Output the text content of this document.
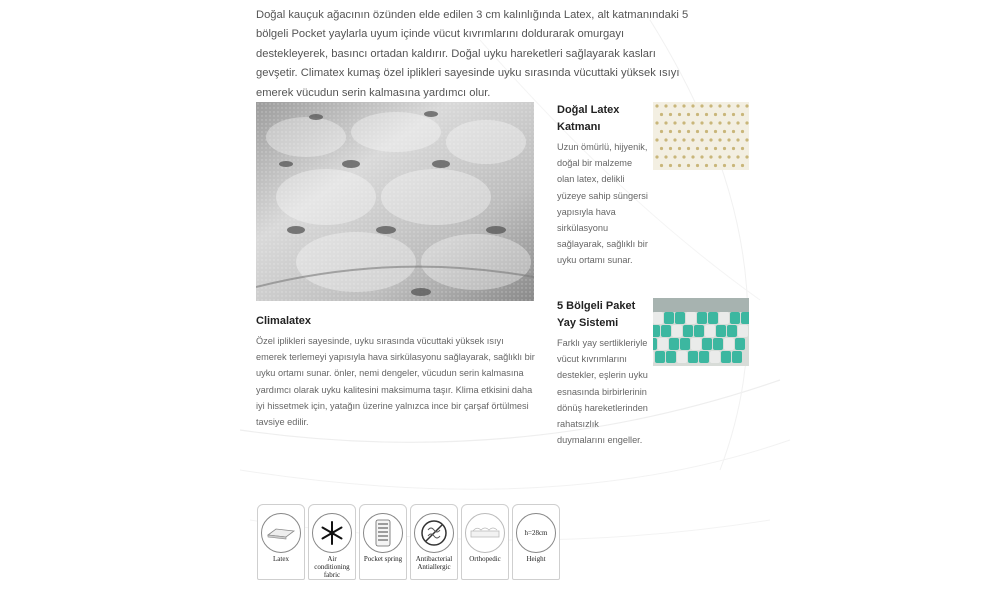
Doğal kauçuk ağacının özünden elde edilen 3 cm kalınlığında Latex, alt katmanındaki 5 bölgeli Pocket yaylarla uyum içinde vücut kıvrımlarını doldurarak omurgayı destekleyerek, basıncı ortadan kaldırır. Doğal uyku hareketleri sağlayarak kasları gevşetir. Climatex kumaş özel iplikleri sayesinde uyku sırasında vücuttaki yüksek ısıyı emerek vücudun serin kalmasına yardımcı olur.

Climalatex

Özel iplikleri sayesinde, uyku sırasında vücuttaki yüksek ısıyı emerek terlemeyi yapısıyla hava sirkülasyonu sağlayarak, sağlıklı bir uyku ortamı sunar. önler, nemi dengeler, vücudun serin kalmasına yardımcı olarak uyku kalitesini maksimuma taşır. Klima etkisini daha iyi hissetmek için, yatağın üzerine yalnızca ince bir çarşaf örtülmesi tavsiye edilir.

Doğal Latex Katmanı

Uzun ömürlü, hijyenik, doğal bir malzeme olan latex, delikli yüzeye sahip süngersi yapısıyla hava sirkülasyonu sağlayarak, sağlıklı bir uyku ortamı sunar.

5 Bölgeli Paket Yay Sistemi

Farklı yay sertlikleriyle vücut kıvrımlarını destekler, eşlerin uyku esnasında birbirlerinin dönüş hareketlerinden rahatsızlık duymalarını engeller.

Latex	Air conditioning fabric
Pocket spring	Antibacterial Antiallergic
Orthopedic
h=28cm
Height
